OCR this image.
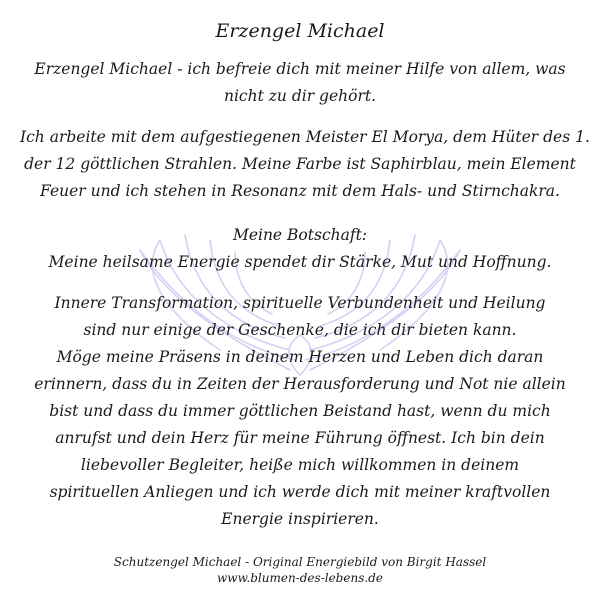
Erzengel Michael

Erzengel Michael - ich befreie dich mit meiner Hilfe von allem, was
nicht zu dir gehört.

Ich arbeite mit dem aufgestiegenen Meister El Morya, dem Hüter des 1.
der 12 göttlichen Strahlen. Meine Farbe ist Saphirblau, mein Element
Feuer und ich stehen in Resonanz mit dem Hals- und Stirnchakra.

Meine Botschaft:
Meine heilsame Energie spendet dir Stärke, Mut und Hoffnung.

Innere Transformation, spirituelle Verbundenheit und Heilung
sind nur einige der Geschenke, die ich dir bieten kann.
Möge meine Präsens in deinem Herzen und Leben dich daran
erinnern, dass du in Zeiten der Herausforderung und Not nie allein
bist und dass du immer göttlichen Beistand hast, wenn du mich
anrufst und dein Herz für meine Führung öffnest. Ich bin dein
liebevoller Begleiter, heiße mich willkommen in deinem
spirituellen Anliegen und ich werde dich mit meiner kraftvollen
Energie inspirieren.

Schutzengel Michael - Original Energiebild von Birgit Hassel
www.blumen-des-lebens.de
